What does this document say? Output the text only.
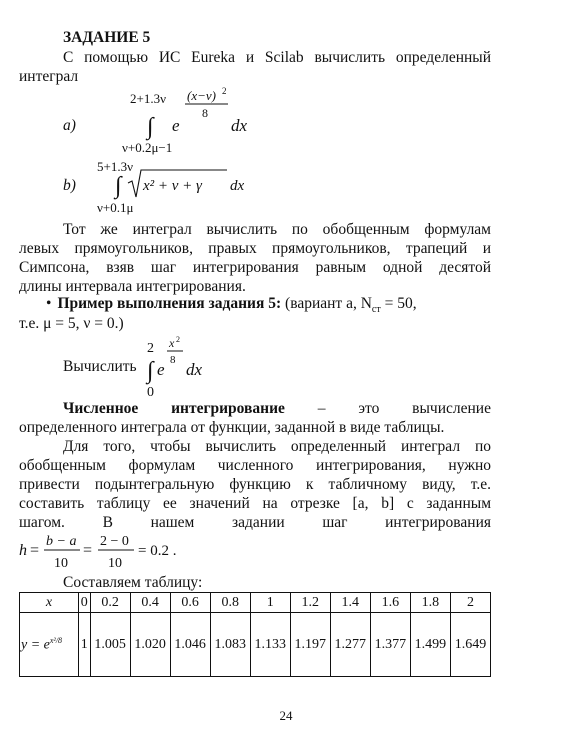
ЗАДАНИЕ 5
С помощью ИС Eureka и Scilab вычислить определенный
интеграл
a)
2+1.3ν (x−ν) 2
8
∫ e	dx
ν+0.2μ−1
b)
5+1.3ν
∫ x² + ν + γ dx
ν+0.1μ
Тот же интеграл вычислить по обобщенным формулам
левых прямоугольников, правых прямоугольников, трапеций и
Симпсона, взяв шаг интегрирования равным одной десятой
длины интервала интегрирования.
• Пример выполнения задания 5: (вариант a, $N_{ст} = 50$,
т.е. μ = 5, ν = 0.)
Вычислить
2 x 2
8
∫ e dx
0
Численное интегрирование – это вычисление
определенного интеграла от функции, заданной в виде таблицы.
Для того, чтобы вычислить определенный интеграл по
обобщенным формулам численного интегрирования, нужно
привести подынтегральную функцию к табличному виду, т.е.
составить таблицу ее значений на отрезке [a, b] с заданным
шагом. В нашем задании шаг интегрирования
h =
b − a
10
=
2 − 0
10
= 0.2 .
Составляем таблицу:
x	0	0.2	0.4	0.6	0.8	1	1.2	1.4	1.6	1.8	2
$y = e^{x^2/8}$	1	1.005	1.020	1.046	1.083	1.133	1.197	1.277	1.377	1.499	1.649
24
